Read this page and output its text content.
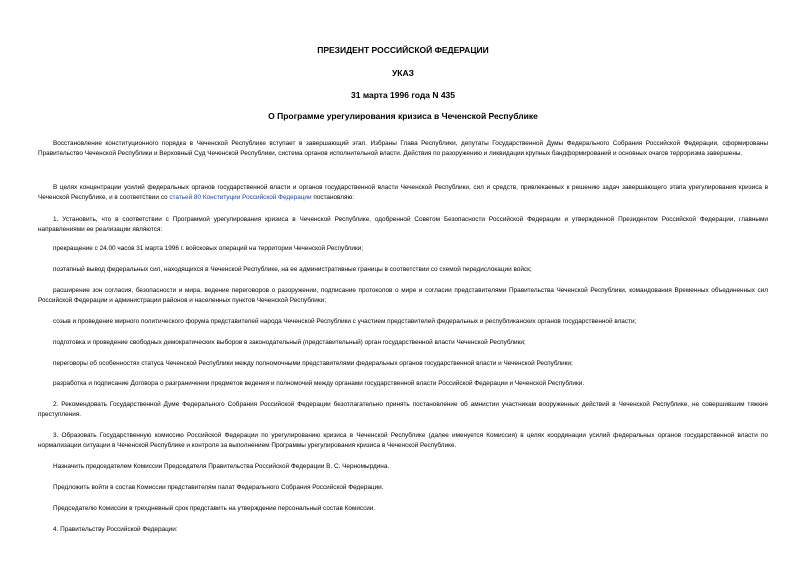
ПРЕЗИДЕНТ РОССИЙСКОЙ ФЕДЕРАЦИИ
УКАЗ
31 марта 1996 года N 435
О Программе урегулирования кризиса в Чеченской Республике
Восстановление конституционного порядка в Чеченской Республике вступает в завершающий этап. Избраны Глава Республики, депутаты Государственной Думы Федерального Собрания Российской Федерации, сформированы Правительство Чеченской Республики и Верховный Суд Чеченской Республики, система органов исполнительной власти. Действия по разоружению и ликвидации крупных бандформирований и основных очагов терроризма завершены.
В целях концентрации усилий федеральных органов государственной власти и органов государственной власти Чеченской Республики, сил и средств, привлекаемых к решению задач завершающего этапа урегулирования кризиса в Чеченской Республике, и в соответствии со статьей 80 Конституции Российской Федерации постановляю:
1. Установить, что в соответствии с Программой урегулирования кризиса в Чеченской Республике, одобренной Советом Безопасности Российской Федерации и утвержденной Президентом Российской Федерации, главными направлениями ее реализации являются:
прекращение с 24.00 часов 31 марта 1996 г. войсковых операций на территории Чеченской Республики;
поэтапный вывод федеральных сил, находящихся в Чеченской Республике, на ее административные границы в соответствии со схемой передислокации войск;
расширение зон согласия, безопасности и мира, ведение переговоров о разоружении, подписание протоколов о мире и согласии представителями Правительства Чеченской Республики, командования Временных объединенных сил Российской Федерации и администрации районов и населенных пунктов Чеченской Республики;
созыв и проведение мирного политического форума представителей народа Чеченской Республики с участием представителей федеральных и республиканских органов государственной власти;
подготовка и проведение свободных демократических выборов в законодательный (представительный) орган государственной власти Чеченской Республики;
переговоры об особенностях статуса Чеченской Республики между полномочными представителями федеральных органов государственной власти и Чеченской Республики;
разработка и подписание Договора о разграничении предметов ведения и полномочий между органами государственной власти Российской Федерации и Чеченской Республики.
2. Рекомендовать Государственной Думе Федерального Собрания Российской Федерации безотлагательно принять постановление об амнистии участникам вооруженных действий в Чеченской Республике, не совершившим тяжкие преступления.
3. Образовать Государственную комиссию Российской Федерации по урегулированию кризиса в Чеченской Республике (далее именуется Комиссия) в целях координации усилий федеральных органов государственной власти по нормализации ситуации в Чеченской Республике и контроля за выполнением Программы урегулирования кризиса в Чеченской Республике.
Назначить председателем Комиссии Председателя Правительства Российской Федерации В. С. Черномырдина.
Предложить войти в состав Комиссии представителям палат Федерального Собрания Российской Федерации.
Председателю Комиссии в трехдневный срок представить на утверждение персональный состав Комиссии.
4. Правительству Российской Федерации:
